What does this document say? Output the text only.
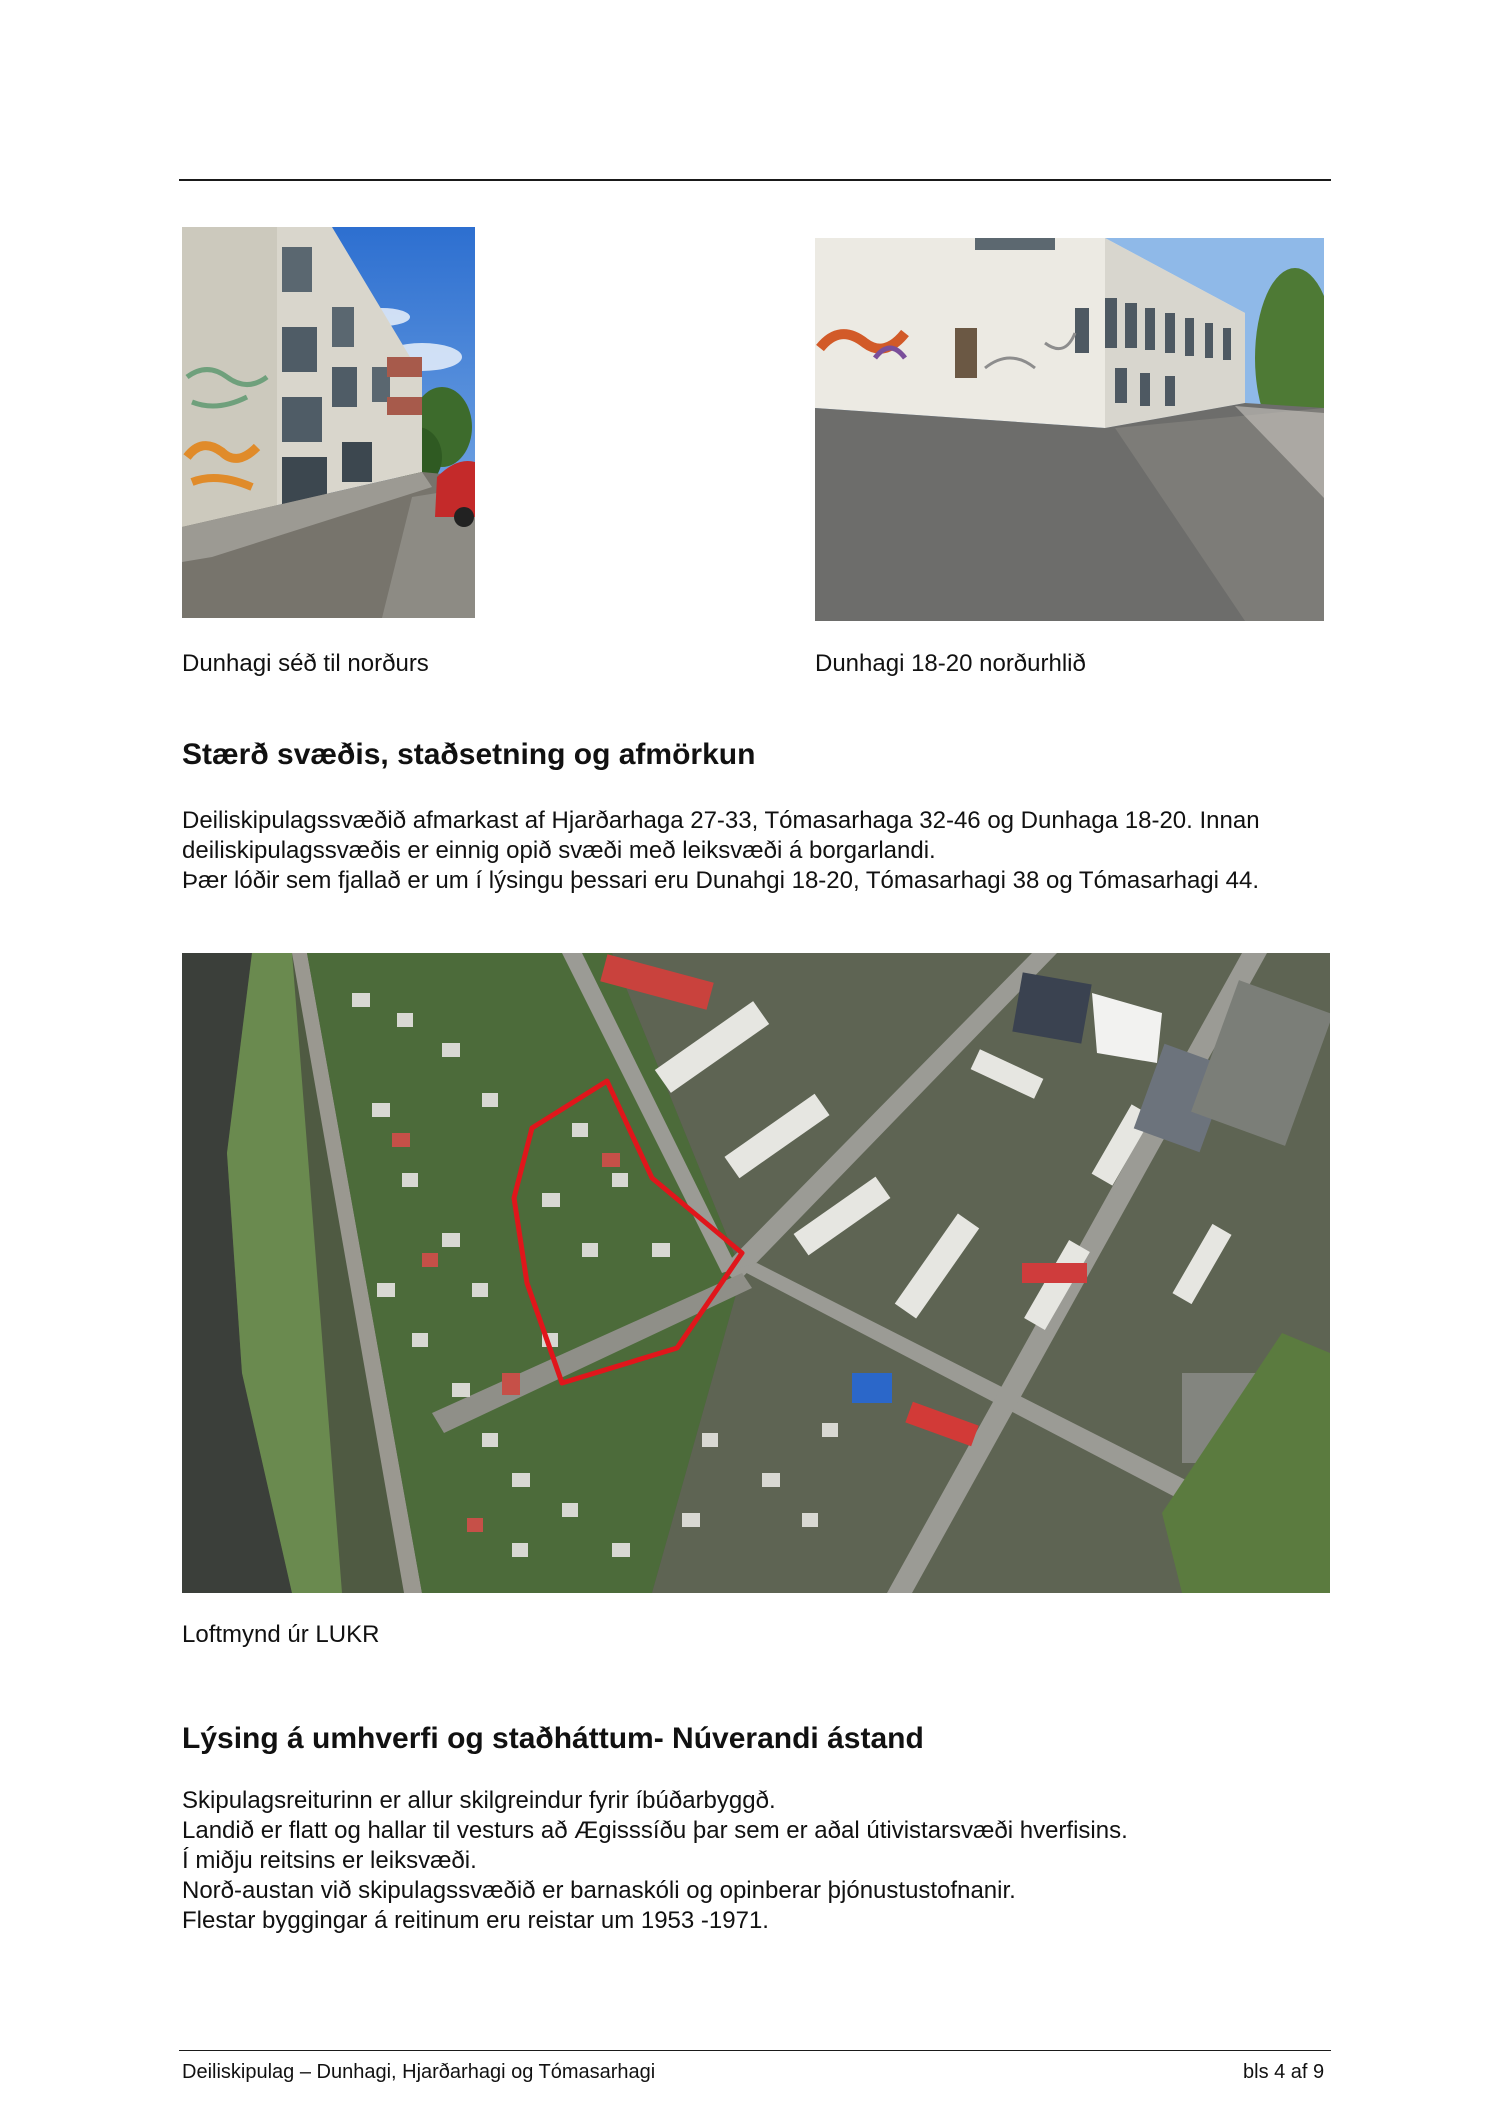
Dunhagi séð til norðurs	Dunhagi 18-20 norðurhlið
Stærð svæðis, staðsetning og afmörkun
Deiliskipulagssvæðið afmarkast af Hjarðarhaga 27-33, Tómasarhaga 32-46 og Dunhaga 18-20. Innan
deiliskipulagssvæðis er einnig opið svæði með leiksvæði á borgarlandi.
Þær lóðir sem fjallað er um í lýsingu þessari eru Dunahgi 18-20, Tómasarhagi 38 og Tómasarhagi 44.
Loftmynd úr LUKR
Lýsing á umhverfi og staðháttum- Núverandi ástand
Skipulagsreiturinn er allur skilgreindur fyrir íbúðarbyggð.
Landið er flatt og hallar til vesturs að Ægisssíðu þar sem er aðal útivistarsvæði hverfisins.
Í miðju reitsins er leiksvæði.
Norð-austan við skipulagssvæðið er barnaskóli og opinberar þjónustustofnanir.
Flestar byggingar á reitinum eru reistar um 1953 -1971.
Deiliskipulag – Dunhagi, Hjarðarhagi og Tómasarhagi	bls 4 af 9
